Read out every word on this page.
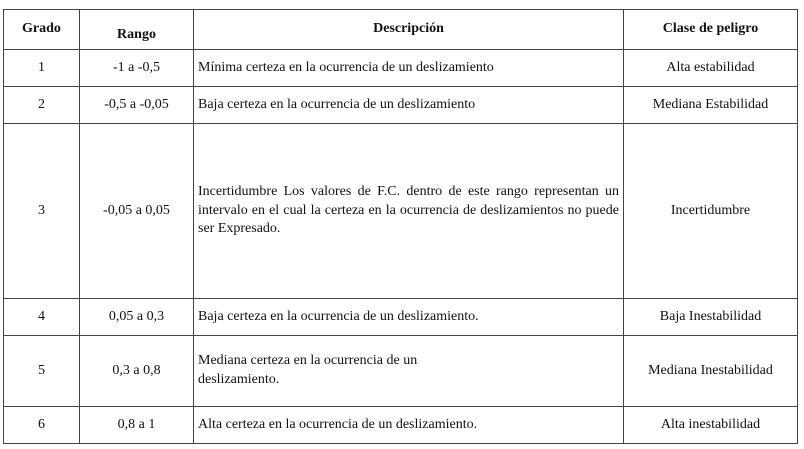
Grado	Rango	Descripción	Clase de peligro
1	-1 a -0,5	Mínima certeza en la ocurrencia de un deslizamiento	Alta estabilidad
2	-0,5 a -0,05	Baja certeza en la ocurrencia de un deslizamiento	Mediana Estabilidad
3	-0,05 a 0,05	Incertidumbre Los valores de F.C. dentro de este rango representan un intervalo en el cual la certeza en la ocurrencia de deslizamientos no puede ser Expresado.	Incertidumbre
4	0,05 a 0,3	Baja certeza en la ocurrencia de un deslizamiento.	Baja Inestabilidad
5	0,3 a 0,8	Mediana certeza en la ocurrencia de un deslizamiento.	Mediana Inestabilidad
6	0,8 a 1	Alta certeza en la ocurrencia de un deslizamiento.	Alta inestabilidad
